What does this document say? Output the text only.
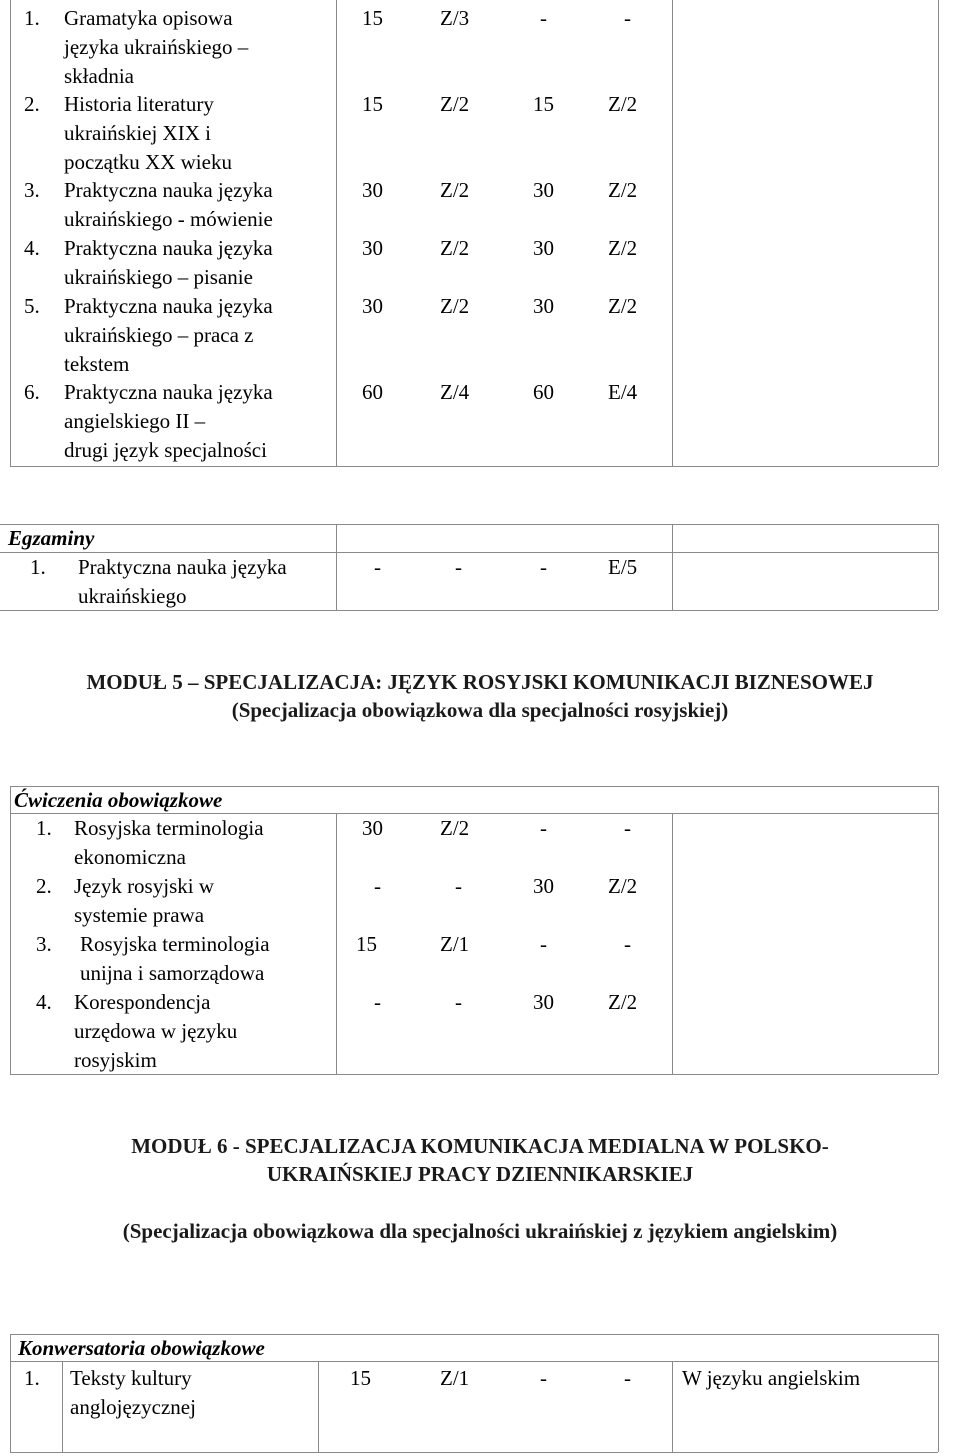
1. Gramatyka opisowa
języka ukraińskiego –
składnia
15	Z/3	-	-
2. Historia literatury
ukraińskiej XIX i
początku XX wieku
15	Z/2	15	Z/2
3. Praktyczna nauka języka
ukraińskiego - mówienie
30	Z/2	30	Z/2
4. Praktyczna nauka języka
ukraińskiego – pisanie
30	Z/2	30	Z/2
5. Praktyczna nauka języka
ukraińskiego – praca z
tekstem
30	Z/2	30	Z/2
6. Praktyczna nauka języka
angielskiego II –
drugi język specjalności
60	Z/4	60	E/4
Egzaminy
1. Praktyczna nauka języka
ukraińskiego
-	-	-	E/5
MODUŁ 5 – SPECJALIZACJA: JĘZYK ROSYJSKI KOMUNIKACJI BIZNESOWEJ
(Specjalizacja obowiązkowa dla specjalności rosyjskiej)
Ćwiczenia obowiązkowe
1. Rosyjska terminologia
ekonomiczna
30	Z/2	-	-
2. Język rosyjski w
systemie prawa
-	-	30	Z/2
3. Rosyjska terminologia
unijna i samorządowa
15	Z/1	-	-
4. Korespondencja
urzędowa w języku
rosyjskim
-	-	30	Z/2
MODUŁ 6 - SPECJALIZACJA KOMUNIKACJA MEDIALNA W POLSKO-
UKRAIŃSKIEJ PRACY DZIENNIKARSKIEJ
(Specjalizacja obowiązkowa dla specjalności ukraińskiej z językiem angielskim)
Konwersatoria obowiązkowe
1. Teksty kultury
anglojęzycznej
15	Z/1	-	- W języku angielskim
